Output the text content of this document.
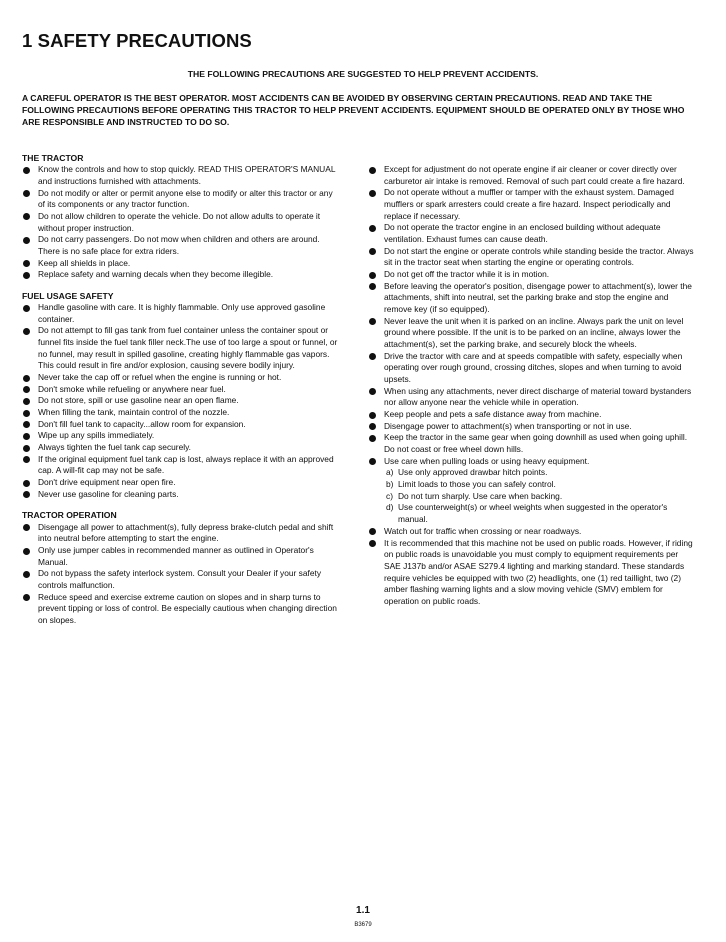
1 SAFETY PRECAUTIONS

THE FOLLOWING PRECAUTIONS ARE SUGGESTED TO HELP PREVENT ACCIDENTS.

A CAREFUL OPERATOR IS THE BEST OPERATOR. MOST ACCIDENTS CAN BE AVOIDED BY OBSERVING CERTAIN PRECAUTIONS. READ AND TAKE THE FOLLOWING PRECAUTIONS BEFORE OPERATING THIS TRACTOR TO HELP PREVENT ACCIDENTS. EQUIPMENT SHOULD BE OPERATED ONLY BY THOSE WHO ARE RESPONSIBLE AND INSTRUCTED TO DO SO.

THE TRACTOR
Know the controls and how to stop quickly. READ THIS OPERATOR'S MANUAL and instructions furnished with attachments.
Do not modify or alter or permit anyone else to modify or alter this tractor or any of its components or any tractor function.
Do not allow children to operate the vehicle. Do not allow adults to operate it without proper instruction.
Do not carry passengers. Do not mow when children and others are around. There is no safe place for extra riders.
Keep all shields in place.
Replace safety and warning decals when they become illegible.
FUEL USAGE SAFETY
Handle gasoline with care. It is highly flammable. Only use approved gasoline container.
Do not attempt to fill gas tank from fuel container unless the container spout or funnel fits inside the fuel tank filler neck.The use of too large a spout or funnel, or no funnel, may result in spilled gasoline, creating highly flammable gas vapors. This could result in fire and/or explosion, causing severe bodily injury.
Never take the cap off or refuel when the engine is running or hot.
Don't smoke while refueling or anywhere near fuel.
Do not store, spill or use gasoline near an open flame.
When filling the tank, maintain control of the nozzle.
Don't fill fuel tank to capacity...allow room for expansion.
Wipe up any spills immediately.
Always tighten the fuel tank cap securely.
If the original equipment fuel tank cap is lost, always replace it with an approved cap. A will-fit cap may not be safe.
Don't drive equipment near open fire.
Never use gasoline for cleaning parts.
TRACTOR OPERATION
Disengage all power to attachment(s), fully depress brake-clutch pedal and shift into neutral before attempting to start the engine.
Only use jumper cables in recommended manner as outlined in Operator's Manual.
Do not bypass the safety interlock system. Consult your Dealer if your safety controls malfunction.
Reduce speed and exercise extreme caution on slopes and in sharp turns to prevent tipping or loss of control. Be especially cautious when changing direction on slopes.
Except for adjustment do not operate engine if air cleaner or cover directly over carburetor air intake is removed. Removal of such part could create a fire hazard.
Do not operate without a muffler or tamper with the exhaust system. Damaged mufflers or spark arresters could create a fire hazard. Inspect periodically and replace if necessary.
Do not operate the tractor engine in an enclosed building without adequate ventilation. Exhaust fumes can cause death.
Do not start the engine or operate controls while standing beside the tractor. Always sit in the tractor seat when starting the engine or operating controls.
Do not get off the tractor while it is in motion.
Before leaving the operator's position, disengage power to attachment(s), lower the attachments, shift into neutral, set the parking brake and stop the engine and remove key (if so equipped).
Never leave the unit when it is parked on an incline. Always park the unit on level ground where possible. If the unit is to be parked on an incline, always lower the attachment(s), set the parking brake, and securely block the wheels.
Drive the tractor with care and at speeds compatible with safety, especially when operating over rough ground, crossing ditches, slopes and when turning to avoid upsets.
When using any attachments, never direct discharge of material toward bystanders nor allow anyone near the vehicle while in operation.
Keep people and pets a safe distance away from machine.
Disengage power to attachment(s) when transporting or not in use.
Keep the tractor in the same gear when going downhill as used when going uphill. Do not coast or free wheel down hills.
Use care when pulling loads or using heavy equipment.
a) Use only approved drawbar hitch points.
b) Limit loads to those you can safely control.
c) Do not turn sharply. Use care when backing.
d) Use counterweight(s) or wheel weights when suggested in the operator's manual.
Watch out for traffic when crossing or near roadways.
It is recommended that this machine not be used on public roads. However, if riding on public roads is unavoidable you must comply to equipment requirements per SAE J137b and/or ASAE S279.4 lighting and marking standard. These standards require vehicles be equipped with two (2) headlights, one (1) red taillight, two (2) amber flashing warning lights and a slow moving vehicle (SMV) emblem for operation on public roads.
1.1
B3679
